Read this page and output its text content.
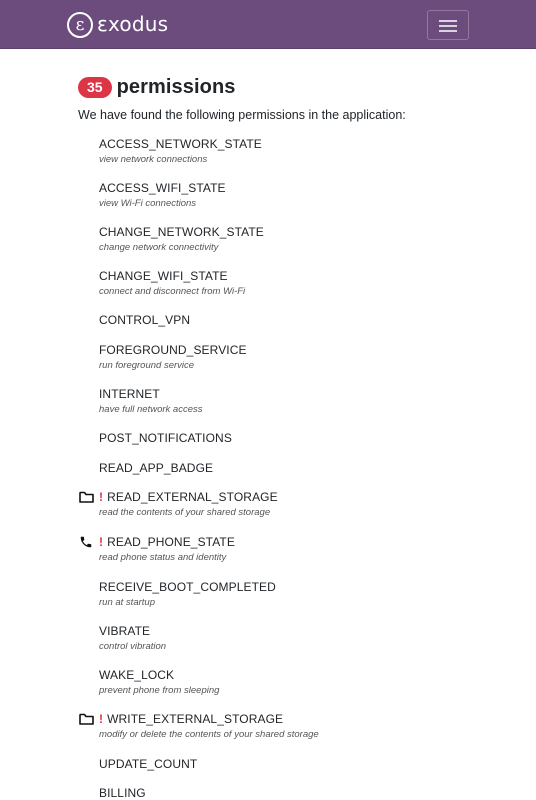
ε εxodus
35 permissions
We have found the following permissions in the application:
ACCESS_NETWORK_STATE
view network connections
ACCESS_WIFI_STATE
view Wi-Fi connections
CHANGE_NETWORK_STATE
change network connectivity
CHANGE_WIFI_STATE
connect and disconnect from Wi-Fi
CONTROL_VPN
FOREGROUND_SERVICE
run foreground service
INTERNET
have full network access
POST_NOTIFICATIONS
READ_APP_BADGE
! READ_EXTERNAL_STORAGE
read the contents of your shared storage
! READ_PHONE_STATE
read phone status and identity
RECEIVE_BOOT_COMPLETED
run at startup
VIBRATE
control vibration
WAKE_LOCK
prevent phone from sleeping
! WRITE_EXTERNAL_STORAGE
modify or delete the contents of your shared storage
UPDATE_COUNT
BILLING
